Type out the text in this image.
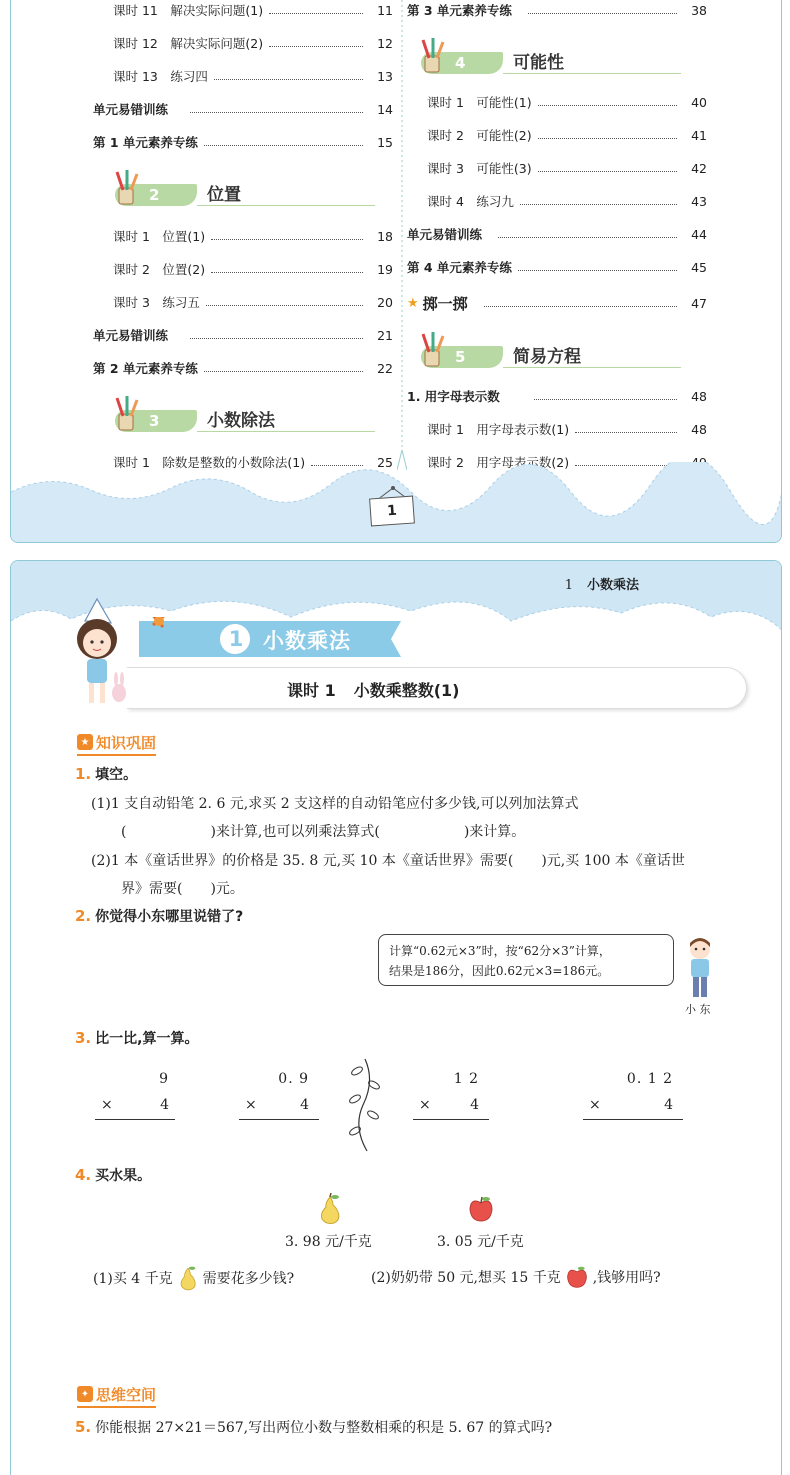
课时 11　解决实际问题(1)	11
课时 12　解决实际问题(2)	12
课时 13　练习四	13
单元易错训练	14
第 1 单元素养专练	15
2	位置
课时 1　位置(1)	18
课时 2　位置(2)	19
课时 3　练习五	20
单元易错训练	21
第 2 单元素养专练	22
3	小数除法
课时 1　除数是整数的小数除法(1)	25
第 3 单元素养专练	38
4	可能性
课时 1　可能性(1)	40
课时 2　可能性(2)	41
课时 3　可能性(3)	42
课时 4　练习九	43
单元易错训练	44
第 4 单元素养专练	45
★ 掷一掷	47
5	简易方程
1. 用字母表示数	48
课时 1　用字母表示数(1)	48
课时 2　用字母表示数(2)
1
1 小数乘法
1 小数乘法
课时 1 小数乘整数(1)
★ 知识巩固
1. 填空。
(1)1 支自动铅笔 2. 6 元,求买 2 支这样的自动铅笔应付多少钱,可以列加法算式
(　　　　　　)来计算,也可以列乘法算式(　　　　　　)来计算。
(2)1 本《童话世界》的价格是 35. 8 元,买 10 本《童话世界》需要(　　)元,买 100 本《童话世
界》需要(　　)元。
2. 你觉得小东哪里说错了?
计算“0.62元×3”时，按“62分×3”计算，
结果是186分，因此0.62元×3=186元。
小 东
3. 比一比,算一算。
9
×	4
0. 9
×	4
1 2
×	4
0. 1 2
×	4
4. 买水果。
3. 98 元/千克	3. 05 元/千克
(1)买 4 千克 需要花多少钱?	(2)奶奶带 50 元,想买 15 千克 ,钱够用吗?
✦ 思维空间
5. 你能根据 27×21＝567,写出两位小数与整数相乘的积是 5. 67 的算式吗?
